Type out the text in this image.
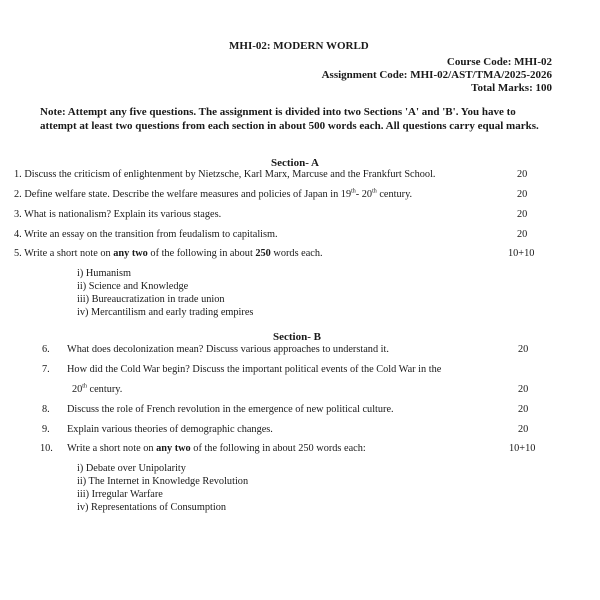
MHI-02: MODERN WORLD
Course Code: MHI-02
Assignment Code: MHI-02/AST/TMA/2025-2026
Total Marks: 100
Note: Attempt any five questions. The assignment is divided into two Sections 'A' and 'B'. You have to attempt at least two questions from each section in about 500 words each. All questions carry equal marks.
Section- A
1. Discuss the criticism of enlightenment by Nietzsche, Karl Marx, Marcuse and the Frankfurt School.	20
2. Define welfare state. Describe the welfare measures and policies of Japan in 19th- 20th century.	20
3. What is nationalism? Explain its various stages.	20
4. Write an essay on the transition from feudalism to capitalism.	20
5. Write a short note on any two of the following in about 250 words each.	10+10
i) Humanism
ii) Science and Knowledge
iii) Bureaucratization in trade union
iv) Mercantilism and early trading empires
Section- B
6. What does decolonization mean? Discuss various approaches to understand it.	20
7. How did the Cold War begin? Discuss the important political events of the Cold War in the
20th century.	20
8. Discuss the role of French revolution in the emergence of new political culture.	20
9. Explain various theories of demographic changes.	20
10. Write a short note on any two of the following in about 250 words each:	10+10
i) Debate over Unipolarity
ii) The Internet in Knowledge Revolution
iii) Irregular Warfare
iv) Representations of Consumption
